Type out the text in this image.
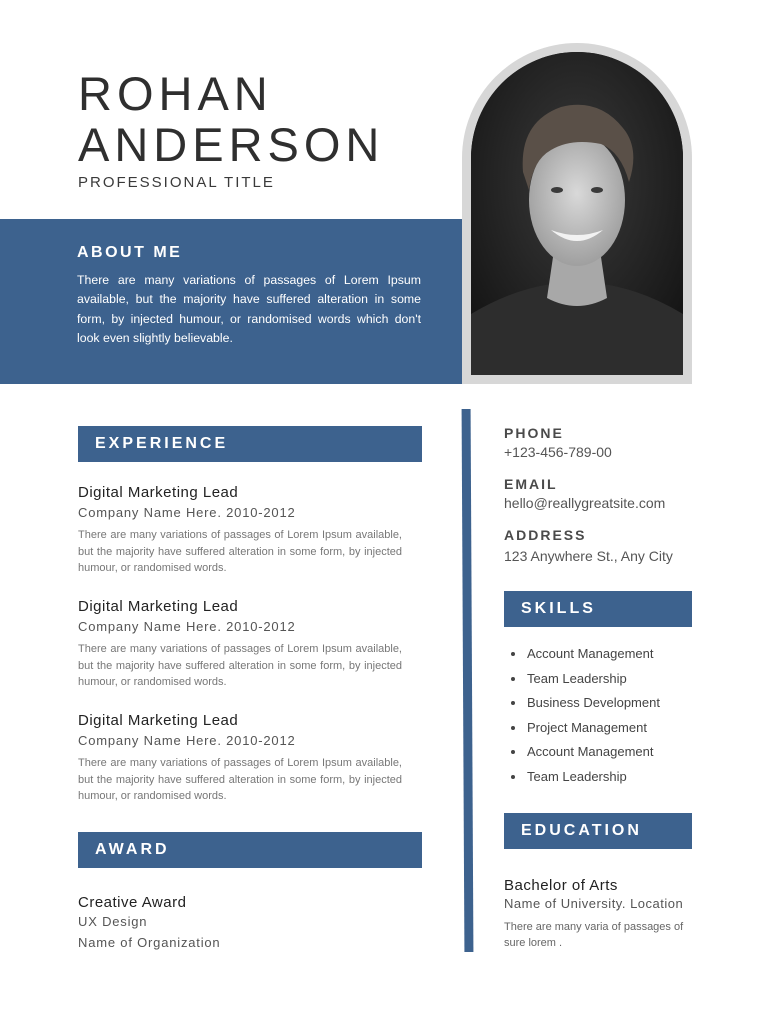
ROHAN
ANDERSON
PROFESSIONAL TITLE
ABOUT ME
There are many variations of passages of Lorem Ipsum available, but the majority have suffered alteration in some form, by injected humour, or randomised words which don't look even slightly believable.
EXPERIENCE
Digital Marketing Lead
Company Name Here. 2010-2012
There are many variations of passages of Lorem Ipsum available, but the majority have suffered alteration in some form, by injected humour, or randomised words.
Digital Marketing Lead
Company Name Here. 2010-2012
There are many variations of passages of Lorem Ipsum available, but the majority have suffered alteration in some form, by injected humour, or randomised words.
Digital Marketing Lead
Company Name Here. 2010-2012
There are many variations of passages of Lorem Ipsum available, but the majority have suffered alteration in some form, by injected humour, or randomised words.
AWARD
Creative Award
UX Design
Name of Organization
PHONE
+123-456-789-00
EMAIL
hello@reallygreatsite.com
ADDRESS
123 Anywhere St., Any City
SKILLS
Account Management
Team Leadership
Business Development
Project Management
Account Management
Team Leadership
EDUCATION
Bachelor of Arts
Name of University. Location
There are many varia of passages of sure lorem .
